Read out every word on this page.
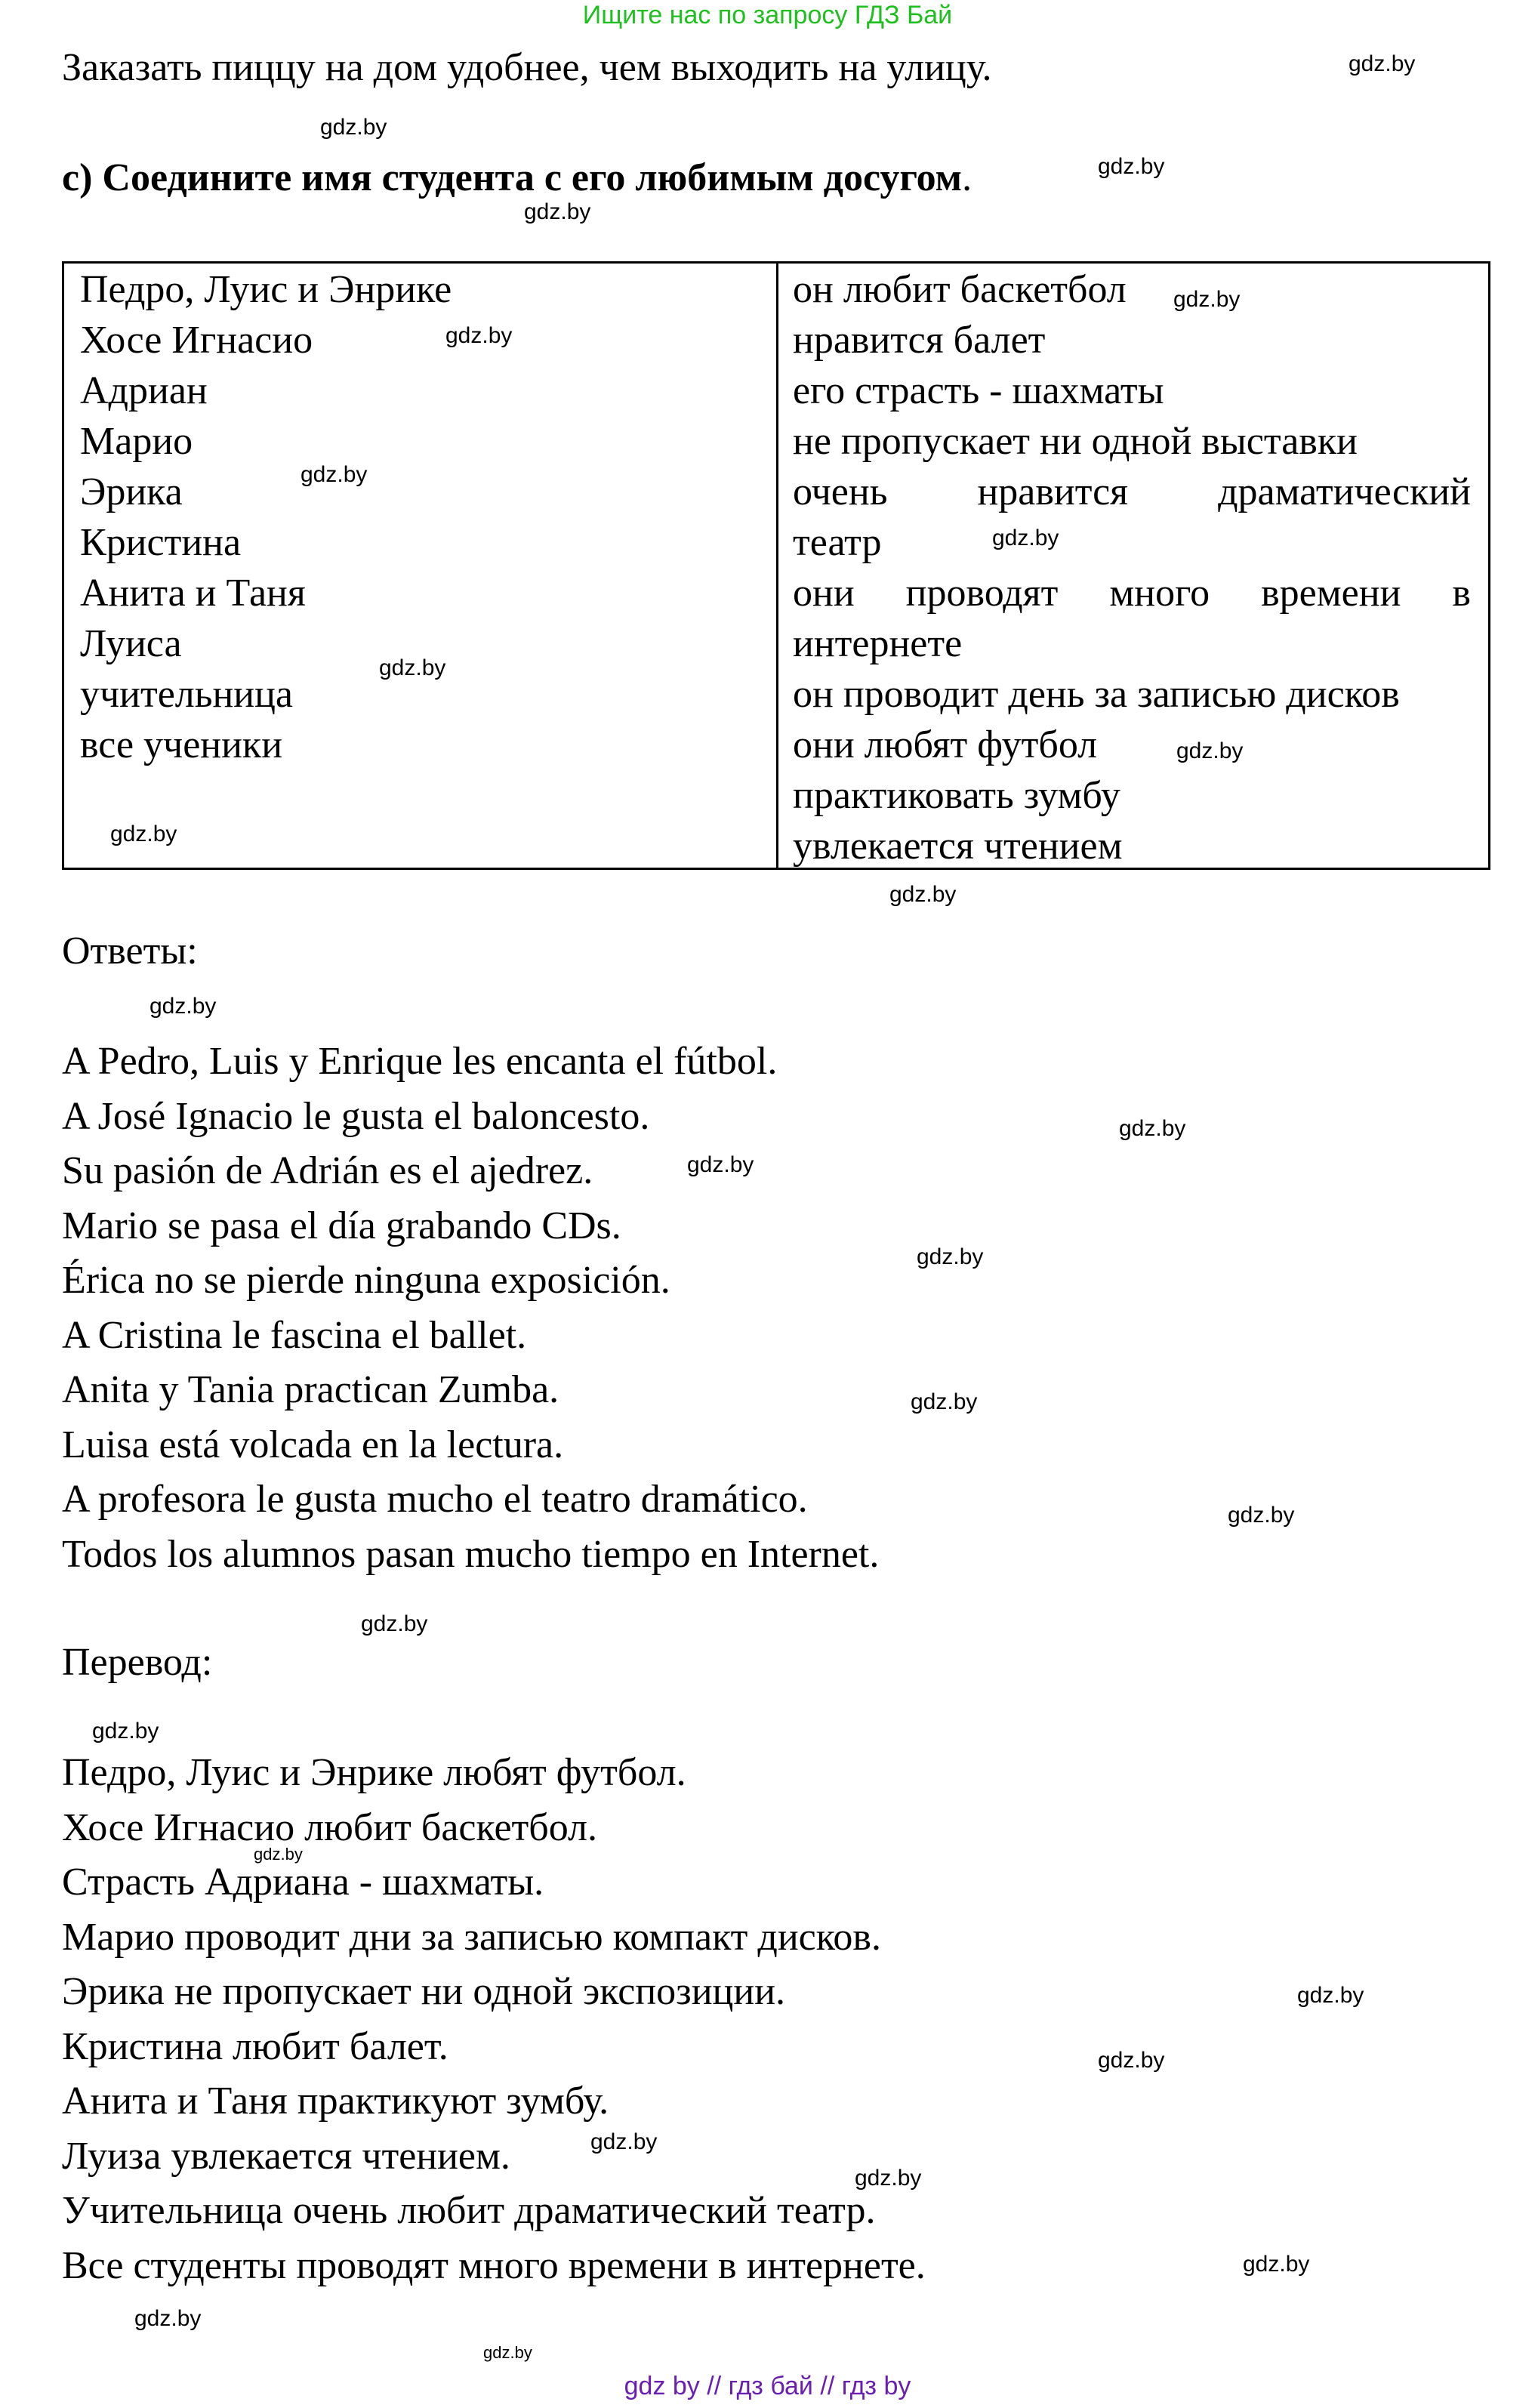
Ищите нас по запросу ГДЗ Бай
Заказать пиццу на дом удобнее, чем выходить на улицу.
c) Соедините имя студента с его любимым досугом.
Педро, Луис и Энрике
Хосе Игнасио
Адриан
Марио
Эрика
Кристина
Анита и Таня
Луиса
учительница
все ученики
он любит баскетбол
нравится балет
его страсть - шахматы
не пропускает ни одной выставки
очень нравится драматический
театр
они проводят много времени в
интернете
он проводит день за записью дисков
они любят футбол
практиковать зумбу
увлекается чтением
Ответы:
A Pedro, Luis y Enrique les encanta el fútbol.
A José Ignacio le gusta el baloncesto.
Su pasión de Adrián es el ajedrez.
Mario se pasa el día grabando CDs.
Érica no se pierde ninguna exposición.
A Cristina le fascina el ballet.
Anita y Tania practican Zumba.
Luisa está volcada en la lectura.
A profesora le gusta mucho el teatro dramático.
Todos los alumnos pasan mucho tiempo en Internet.
Перевод:
Педро, Луис и Энрике любят футбол.
Хосе Игнасио любит баскетбол.
Страсть Адриана - шахматы.
Марио проводит дни за записью компакт дисков.
Эрика не пропускает ни одной экспозиции.
Кристина любит балет.
Анита и Таня практикуют зумбу.
Луиза увлекается чтением.
Учительница очень любит драматический театр.
Все студенты проводят много времени в интернете.
gdz.by
gdz.by
gdz.by
gdz.by
gdz.by
gdz.by
gdz.by
gdz.by
gdz.by
gdz.by
gdz.by
gdz.by
gdz.by
gdz.by
gdz.by
gdz.by
gdz.by
gdz.by
gdz.by
gdz.by
gdz.by
gdz.by
gdz.by
gdz.by
gdz.by
gdz.by
gdz.by
gdz.by
gdz by // гдз бай // гдз by
